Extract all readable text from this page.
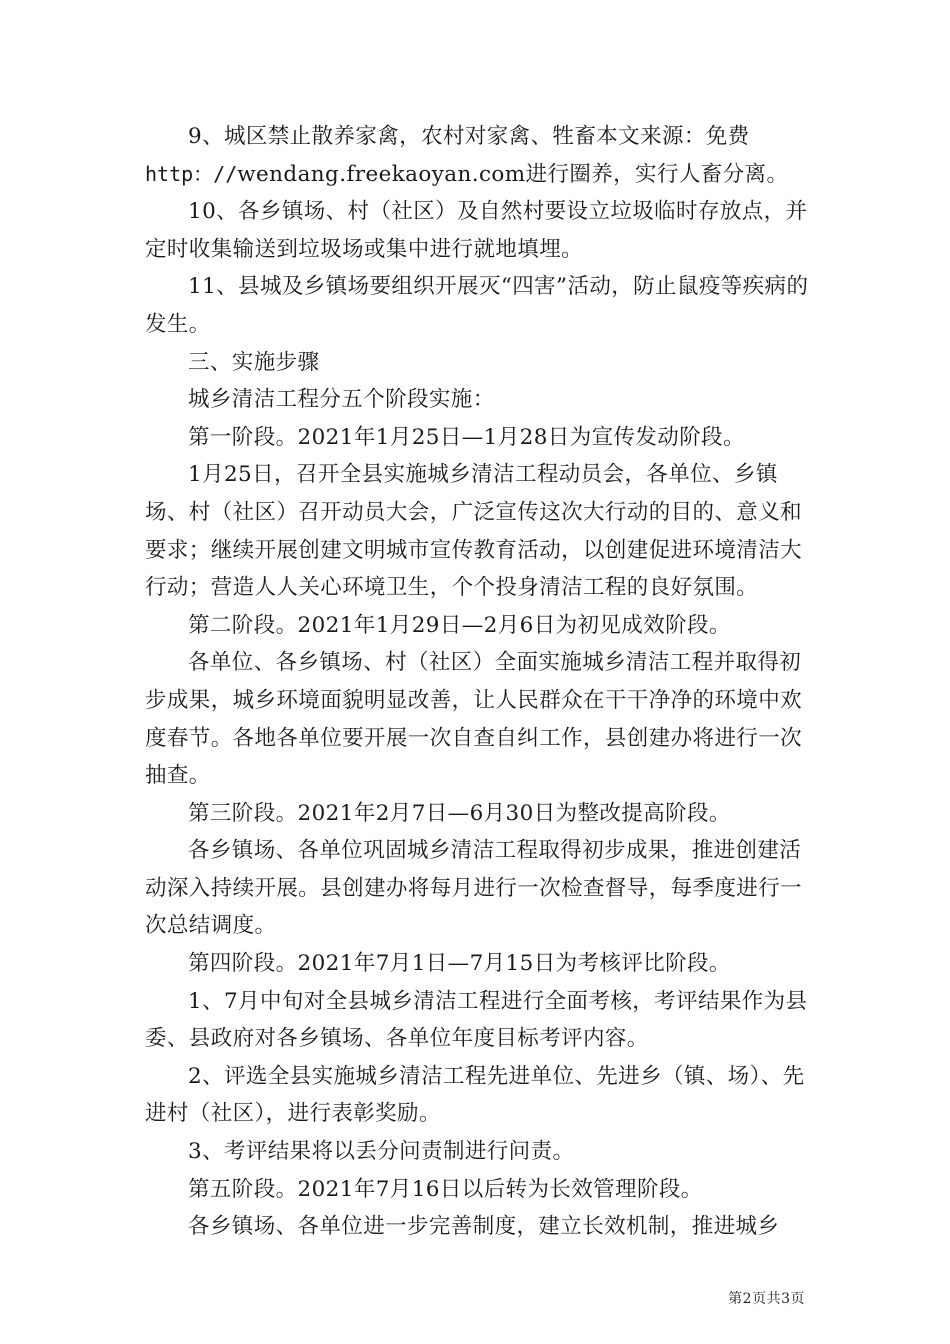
9、城区禁止散养家禽，农村对家禽、牲畜本文来源：免费
http：//wendang.freekaoyan.com进行圈养，实行人畜分离。

10、各乡镇场、村（社区）及自然村要设立垃圾临时存放点，并定时收集输送到垃圾场或集中进行就地填埋。

11、县城及乡镇场要组织开展灭“四害”活动，防止鼠疫等疾病的发生。

三、实施步骤

城乡清洁工程分五个阶段实施：

第一阶段。2021年1月25日—1月28日为宣传发动阶段。

1月25日，召开全县实施城乡清洁工程动员会，各单位、乡镇场、村（社区）召开动员大会，广泛宣传这次大行动的目的、意义和要求；继续开展创建文明城市宣传教育活动，以创建促进环境清洁大行动；营造人人关心环境卫生，个个投身清洁工程的良好氛围。

第二阶段。2021年1月29日—2月6日为初见成效阶段。

各单位、各乡镇场、村（社区）全面实施城乡清洁工程并取得初步成果，城乡环境面貌明显改善，让人民群众在干干净净的环境中欢度春节。各地各单位要开展一次自查自纠工作，县创建办将进行一次抽查。

第三阶段。2021年2月7日—6月30日为整改提高阶段。

各乡镇场、各单位巩固城乡清洁工程取得初步成果，推进创建活动深入持续开展。县创建办将每月进行一次检查督导，每季度进行一次总结调度。

第四阶段。2021年7月1日—7月15日为考核评比阶段。

1、7月中旬对全县城乡清洁工程进行全面考核，考评结果作为县委、县政府对各乡镇场、各单位年度目标考评内容。

2、评选全县实施城乡清洁工程先进单位、先进乡（镇、场）、先进村（社区），进行表彰奖励。

3、考评结果将以丢分问责制进行问责。

第五阶段。2021年7月16日以后转为长效管理阶段。

各乡镇场、各单位进一步完善制度，建立长效机制，推进城乡

第2页共3页
